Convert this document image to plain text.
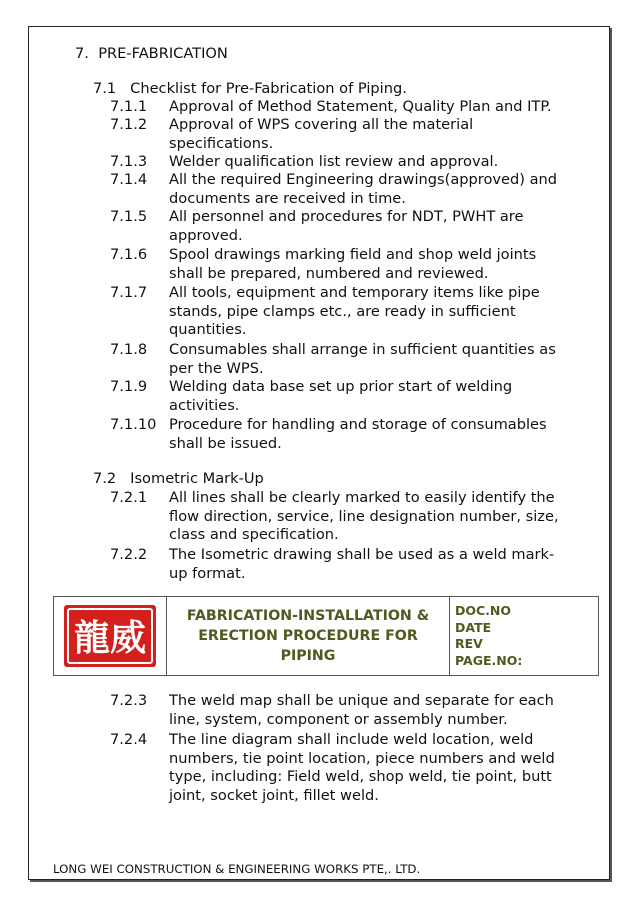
7. PRE-FABRICATION
7.1 Checklist for Pre-Fabrication of Piping.
7.1.1 Approval of Method Statement, Quality Plan and ITP.
7.1.2 Approval of WPS covering all the material
specifications.
7.1.3 Welder qualification list review and approval.
7.1.4 All the required Engineering drawings(approved) and
documents are received in time.
7.1.5 All personnel and procedures for NDT, PWHT are
approved.
7.1.6 Spool drawings marking field and shop weld joints
shall be prepared, numbered and reviewed.
7.1.7 All tools, equipment and temporary items like pipe
stands, pipe clamps etc., are ready in sufficient
quantities.
7.1.8 Consumables shall arrange in sufficient quantities as
per the WPS.
7.1.9 Welding data base set up prior start of welding
activities.
7.1.10 Procedure for handling and storage of consumables
shall be issued.
7.2 Isometric Mark-Up
7.2.1 All lines shall be clearly marked to easily identify the
flow direction, service, line designation number, size,
class and specification.
7.2.2 The Isometric drawing shall be used as a weld mark-
up format.
龍威
FABRICATION-INSTALLATION &
ERECTION PROCEDURE FOR
PIPING
DOC.NO
DATE
REV
PAGE.NO:
7.2.3 The weld map shall be unique and separate for each
line, system, component or assembly number.
7.2.4 The line diagram shall include weld location, weld
numbers, tie point location, piece numbers and weld
type, including: Field weld, shop weld, tie point, butt
joint, socket joint, fillet weld.
LONG WEI CONSTRUCTION & ENGINEERING WORKS PTE,. LTD.
